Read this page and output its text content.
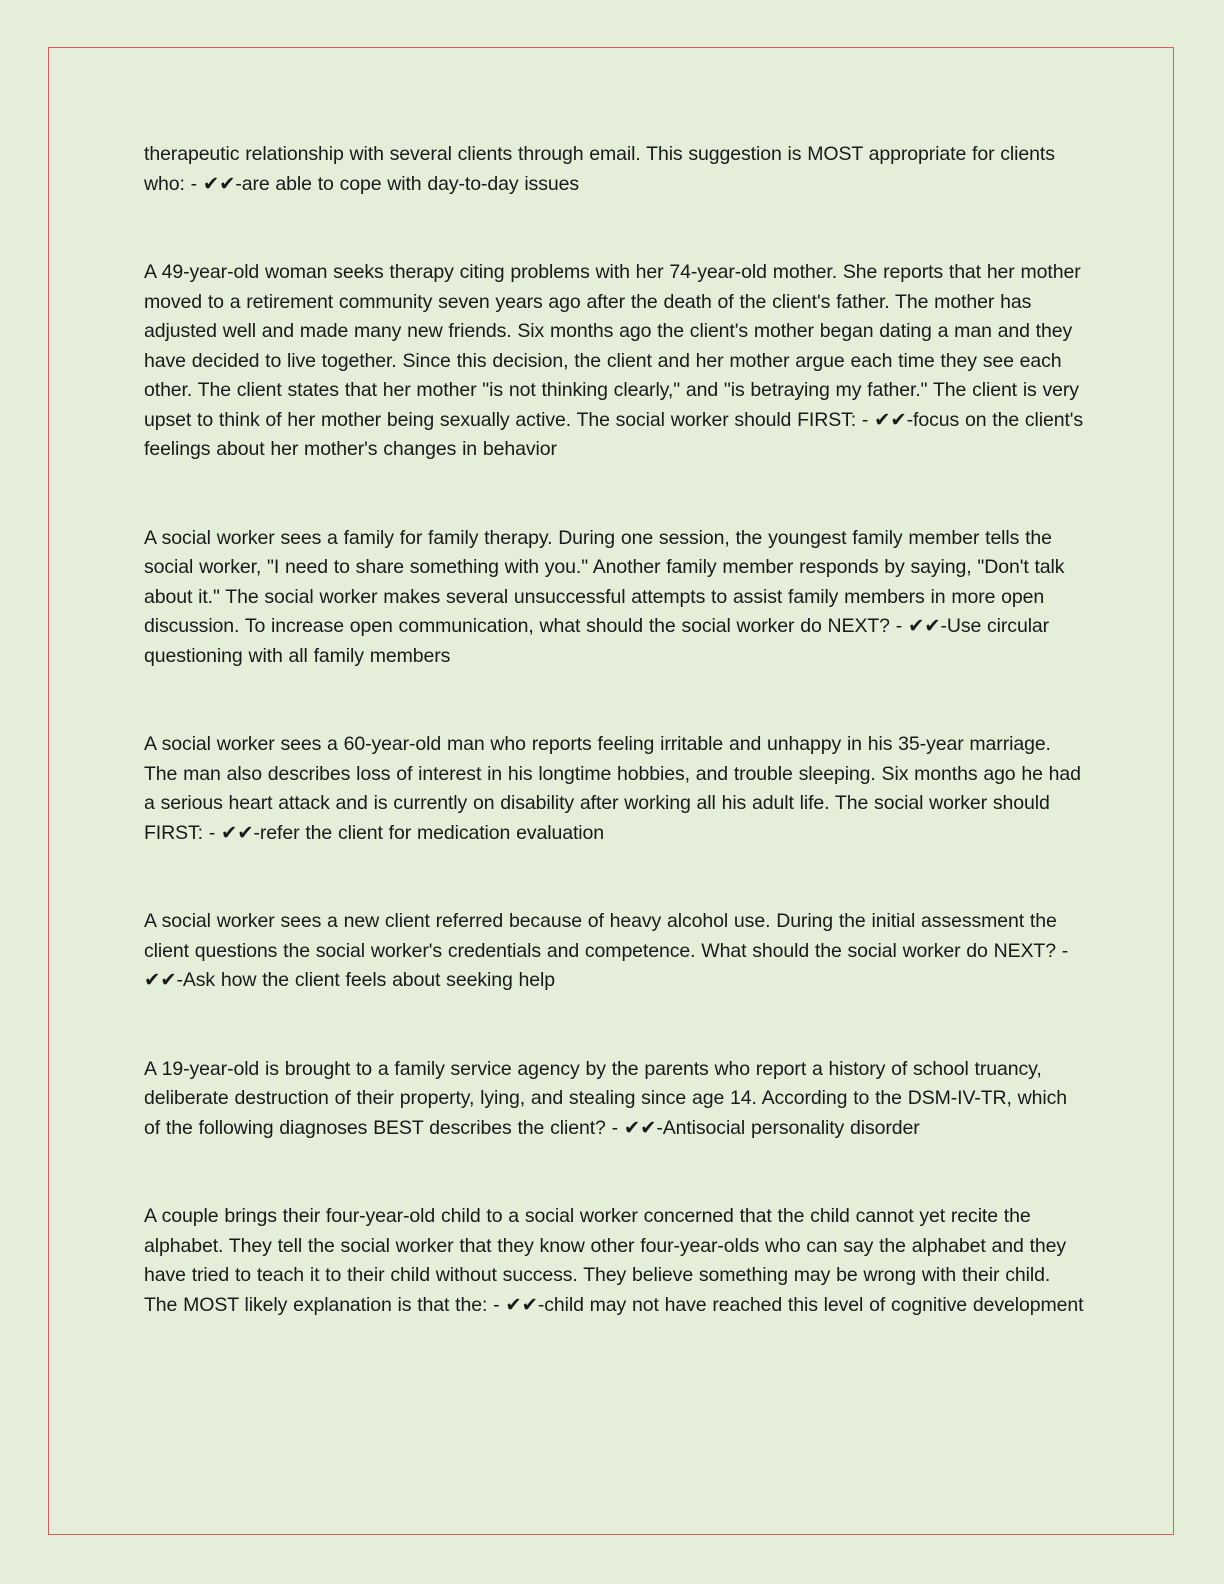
therapeutic relationship with several clients through email. This suggestion is MOST appropriate for clients who: - ✔✔-are able to cope with day-to-day issues

A 49-year-old woman seeks therapy citing problems with her 74-year-old mother. She reports that her mother moved to a retirement community seven years ago after the death of the client's father. The mother has adjusted well and made many new friends. Six months ago the client's mother began dating a man and they have decided to live together. Since this decision, the client and her mother argue each time they see each other. The client states that her mother "is not thinking clearly," and "is betraying my father." The client is very upset to think of her mother being sexually active. The social worker should FIRST: - ✔✔-focus on the client's feelings about her mother's changes in behavior

A social worker sees a family for family therapy. During one session, the youngest family member tells the social worker, "I need to share something with you." Another family member responds by saying, "Don't talk about it." The social worker makes several unsuccessful attempts to assist family members in more open discussion. To increase open communication, what should the social worker do NEXT? - ✔✔-Use circular questioning with all family members

A social worker sees a 60-year-old man who reports feeling irritable and unhappy in his 35-year marriage. The man also describes loss of interest in his longtime hobbies, and trouble sleeping. Six months ago he had a serious heart attack and is currently on disability after working all his adult life. The social worker should FIRST: - ✔✔-refer the client for medication evaluation

A social worker sees a new client referred because of heavy alcohol use. During the initial assessment the client questions the social worker's credentials and competence. What should the social worker do NEXT? - ✔✔-Ask how the client feels about seeking help

A 19-year-old is brought to a family service agency by the parents who report a history of school truancy, deliberate destruction of their property, lying, and stealing since age 14. According to the DSM-IV-TR, which of the following diagnoses BEST describes the client? - ✔✔-Antisocial personality disorder

A couple brings their four-year-old child to a social worker concerned that the child cannot yet recite the alphabet. They tell the social worker that they know other four-year-olds who can say the alphabet and they have tried to teach it to their child without success. They believe something may be wrong with their child. The MOST likely explanation is that the: - ✔✔-child may not have reached this level of cognitive development
